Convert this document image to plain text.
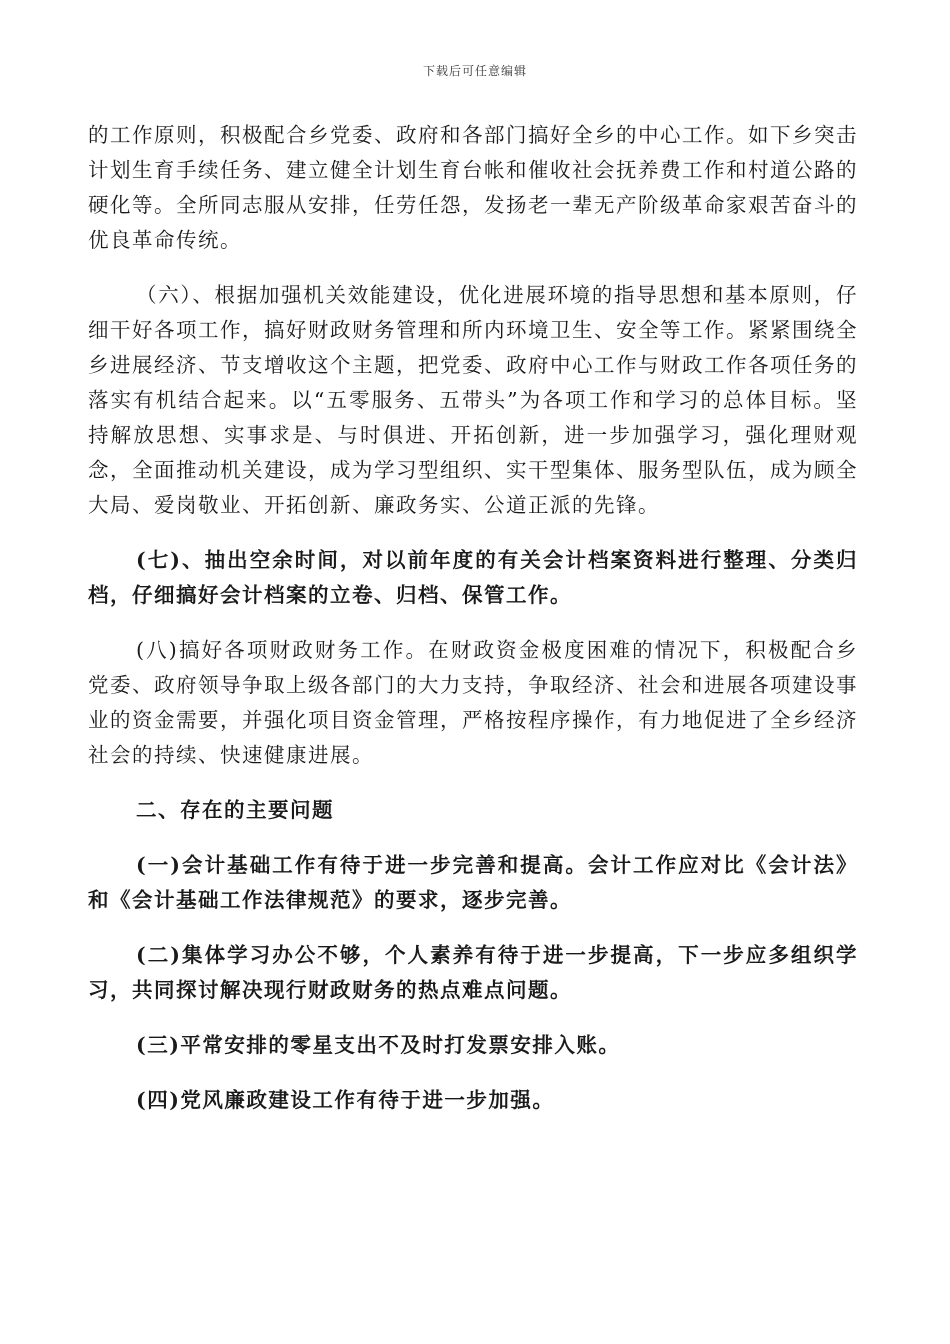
下载后可任意编辑

的工作原则，积极配合乡党委、政府和各部门搞好全乡的中心工作。如下乡突击计划生育手续任务、建立健全计划生育台帐和催收社会抚养费工作和村道公路的硬化等。全所同志服从安排，任劳任怨，发扬老一辈无产阶级革命家艰苦奋斗的优良革命传统。

（六）、根据加强机关效能建设，优化进展环境的指导思想和基本原则，仔细干好各项工作，搞好财政财务管理和所内环境卫生、安全等工作。紧紧围绕全乡进展经济、节支增收这个主题，把党委、政府中心工作与财政工作各项任务的落实有机结合起来。以“五零服务、五带头”为各项工作和学习的总体目标。坚持解放思想、实事求是、与时俱进、开拓创新，进一步加强学习，强化理财观念，全面推动机关建设，成为学习型组织、实干型集体、服务型队伍，成为顾全大局、爱岗敬业、开拓创新、廉政务实、公道正派的先锋。

(七)、抽出空余时间，对以前年度的有关会计档案资料进行整理、分类归档，仔细搞好会计档案的立卷、归档、保管工作。

(八)搞好各项财政财务工作。在财政资金极度困难的情况下，积极配合乡党委、政府领导争取上级各部门的大力支持，争取经济、社会和进展各项建设事业的资金需要，并强化项目资金管理，严格按程序操作，有力地促进了全乡经济社会的持续、快速健康进展。

二、存在的主要问题

(一)会计基础工作有待于进一步完善和提高。会计工作应对比《会计法》和《会计基础工作法律规范》的要求，逐步完善。

(二)集体学习办公不够，个人素养有待于进一步提高，下一步应多组织学习，共同探讨解决现行财政财务的热点难点问题。

(三)平常安排的零星支出不及时打发票安排入账。

(四)党风廉政建设工作有待于进一步加强。
